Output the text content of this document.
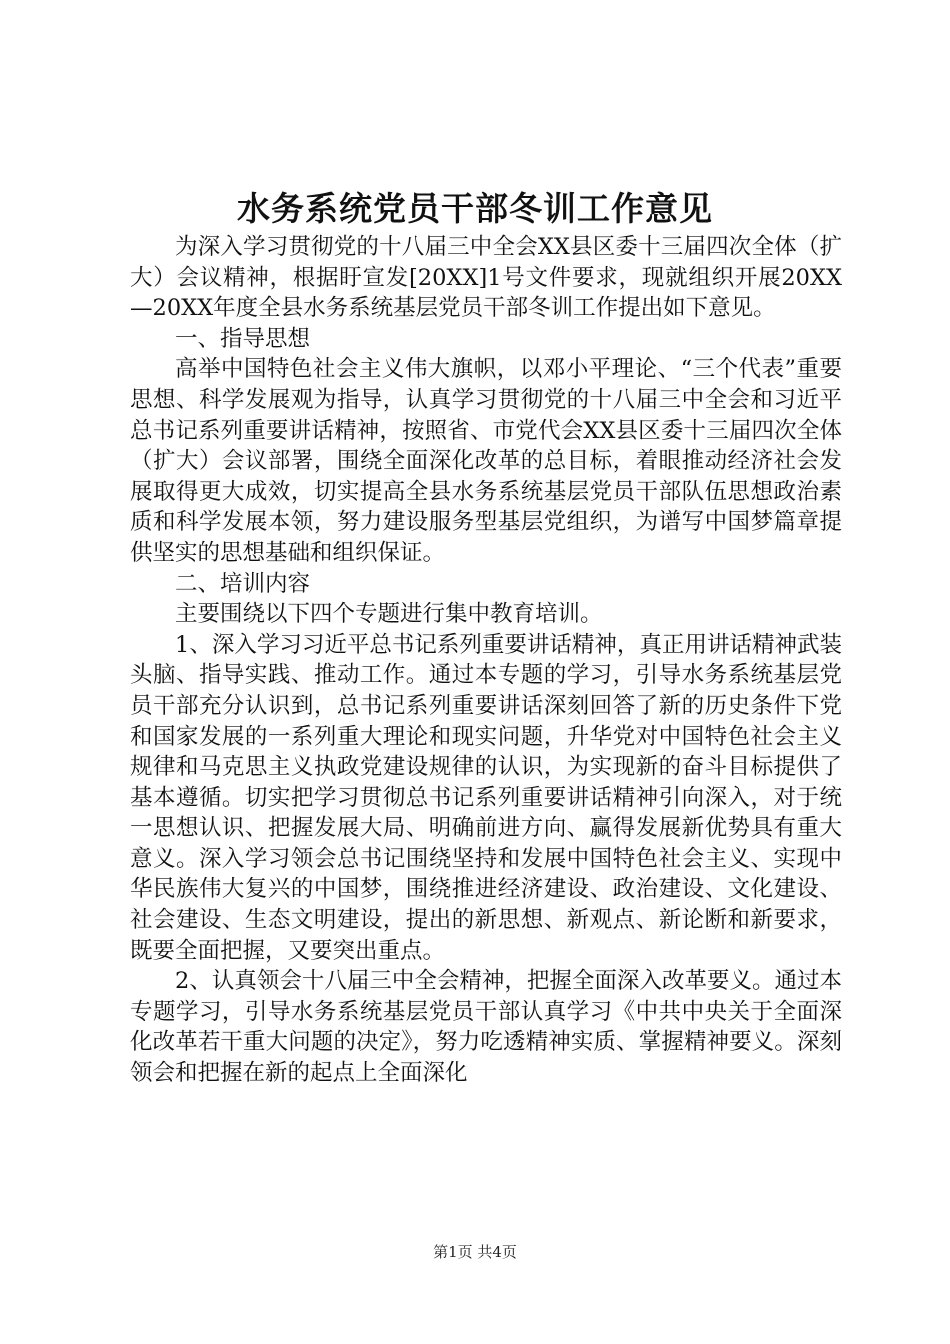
水务系统党员干部冬训工作意见

为深入学习贯彻党的十八届三中全会XX县区委十三届四次全体（扩大）会议精神，根据盱宣发[20XX]1号文件要求，现就组织开展20XX—20XX年度全县水务系统基层党员干部冬训工作提出如下意见。

一、指导思想

高举中国特色社会主义伟大旗帜，以邓小平理论、“三个代表”重要思想、科学发展观为指导，认真学习贯彻党的十八届三中全会和习近平总书记系列重要讲话精神，按照省、市党代会XX县区委十三届四次全体（扩大）会议部署，围绕全面深化改革的总目标，着眼推动经济社会发展取得更大成效，切实提高全县水务系统基层党员干部队伍思想政治素质和科学发展本领，努力建设服务型基层党组织，为谱写中国梦篇章提供坚实的思想基础和组织保证。

二、培训内容

主要围绕以下四个专题进行集中教育培训。

1、深入学习习近平总书记系列重要讲话精神，真正用讲话精神武装头脑、指导实践、推动工作。通过本专题的学习，引导水务系统基层党员干部充分认识到，总书记系列重要讲话深刻回答了新的历史条件下党和国家发展的一系列重大理论和现实问题，升华党对中国特色社会主义规律和马克思主义执政党建设规律的认识，为实现新的奋斗目标提供了基本遵循。切实把学习贯彻总书记系列重要讲话精神引向深入，对于统一思想认识、把握发展大局、明确前进方向、赢得发展新优势具有重大意义。深入学习领会总书记围绕坚持和发展中国特色社会主义、实现中华民族伟大复兴的中国梦，围绕推进经济建设、政治建设、文化建设、社会建设、生态文明建设，提出的新思想、新观点、新论断和新要求，既要全面把握，又要突出重点。

2、认真领会十八届三中全会精神，把握全面深入改革要义。通过本专题学习，引导水务系统基层党员干部认真学习《中共中央关于全面深化改革若干重大问题的决定》，努力吃透精神实质、掌握精神要义。深刻领会和把握在新的起点上全面深化

第1页 共4页
